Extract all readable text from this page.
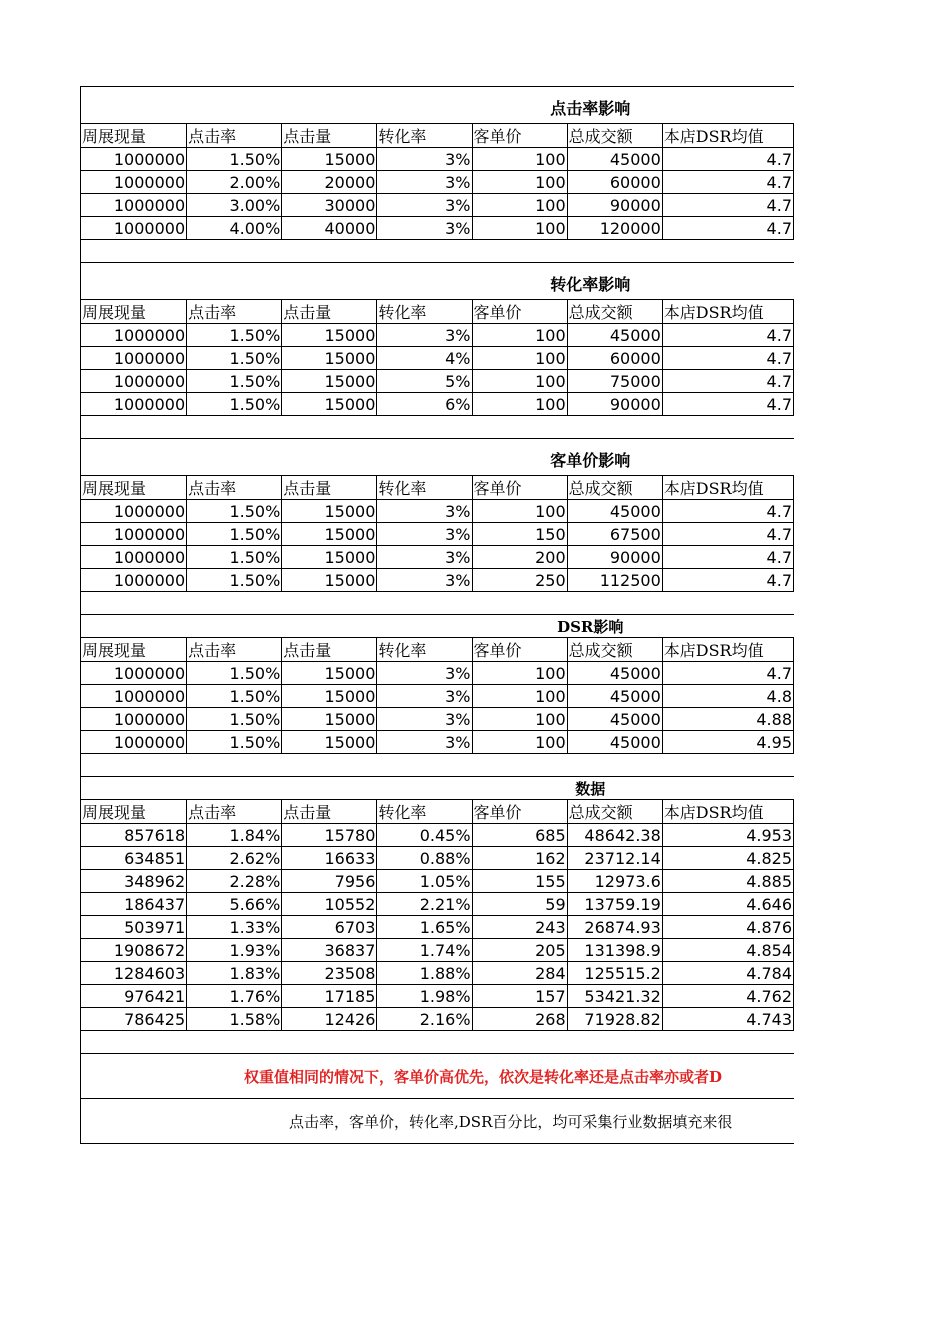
点击率影响						
周展现量	点击率	点击量	转化率	客单价	总成交额	本店DSR均值
1000000	1.50%	15000	3%	100	45000	4.7
1000000	2.00%	20000	3%	100	60000	4.7
1000000	3.00%	30000	3%	100	90000	4.7
1000000	4.00%	40000	3%	100	120000	4.7

转化率影响						
周展现量	点击率	点击量	转化率	客单价	总成交额	本店DSR均值
1000000	1.50%	15000	3%	100	45000	4.7
1000000	1.50%	15000	4%	100	60000	4.7
1000000	1.50%	15000	5%	100	75000	4.7
1000000	1.50%	15000	6%	100	90000	4.7

客单价影响						
周展现量	点击率	点击量	转化率	客单价	总成交额	本店DSR均值
1000000	1.50%	15000	3%	100	45000	4.7
1000000	1.50%	15000	3%	150	67500	4.7
1000000	1.50%	15000	3%	200	90000	4.7
1000000	1.50%	15000	3%	250	112500	4.7

DSR影响						
周展现量	点击率	点击量	转化率	客单价	总成交额	本店DSR均值
1000000	1.50%	15000	3%	100	45000	4.7
1000000	1.50%	15000	3%	100	45000	4.8
1000000	1.50%	15000	3%	100	45000	4.88
1000000	1.50%	15000	3%	100	45000	4.95

数据						
周展现量	点击率	点击量	转化率	客单价	总成交额	本店DSR均值
857618	1.84%	15780	0.45%	685	48642.38	4.953
634851	2.62%	16633	0.88%	162	23712.14	4.825
348962	2.28%	7956	1.05%	155	12973.6	4.885
186437	5.66%	10552	2.21%	59	13759.19	4.646
503971	1.33%	6703	1.65%	243	26874.93	4.876
1908672	1.93%	36837	1.74%	205	131398.9	4.854
1284603	1.83%	23508	1.88%	284	125515.2	4.784
976421	1.76%	17185	1.98%	157	53421.32	4.762
786425	1.58%	12426	2.16%	268	71928.82	4.743

权重值相同的情况下，客单价高优先，依次是转化率还是点击率亦或者D						
点击率，客单价，转化率,DSR百分比，均可采集行业数据填充来很						
